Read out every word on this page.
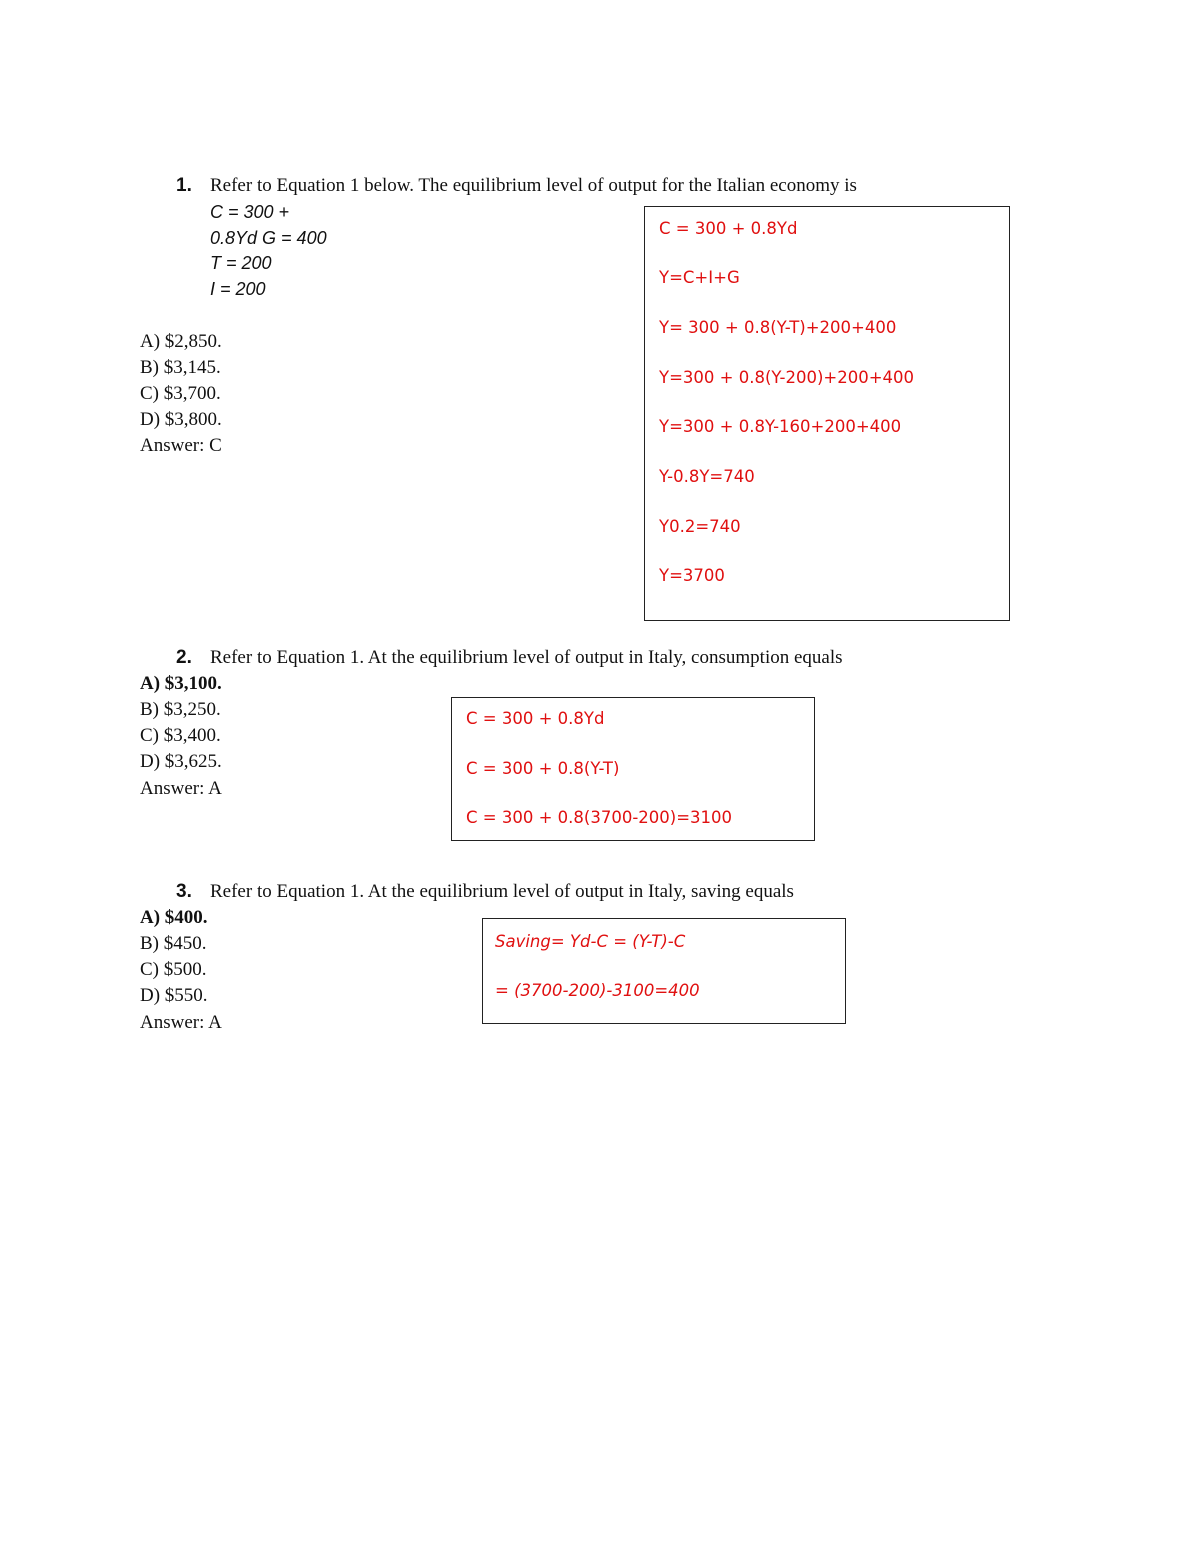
1. Refer to Equation 1 below. The equilibrium level of output for the Italian economy is
C = 300 +
0.8Yd G = 400
T = 200
I = 200
A) $2,850.
B) $3,145.
C) $3,700.
D) $3,800.
Answer: C
C = 300 + 0.8Yd
Y=C+I+G
Y= 300 + 0.8(Y-T)+200+400
Y=300 + 0.8(Y-200)+200+400
Y=300 + 0.8Y-160+200+400
Y-0.8Y=740
Y0.2=740
Y=3700
2. Refer to Equation 1. At the equilibrium level of output in Italy, consumption equals
A) $3,100.
B) $3,250.
C) $3,400.
D) $3,625.
Answer: A
C = 300 + 0.8Yd
C = 300 + 0.8(Y-T)
C = 300 + 0.8(3700-200)=3100
3. Refer to Equation 1. At the equilibrium level of output in Italy, saving equals
A) $400.
B) $450.
C) $500.
D) $550.
Answer: A
Saving= Yd-C = (Y-T)-C
= (3700-200)-3100=400
